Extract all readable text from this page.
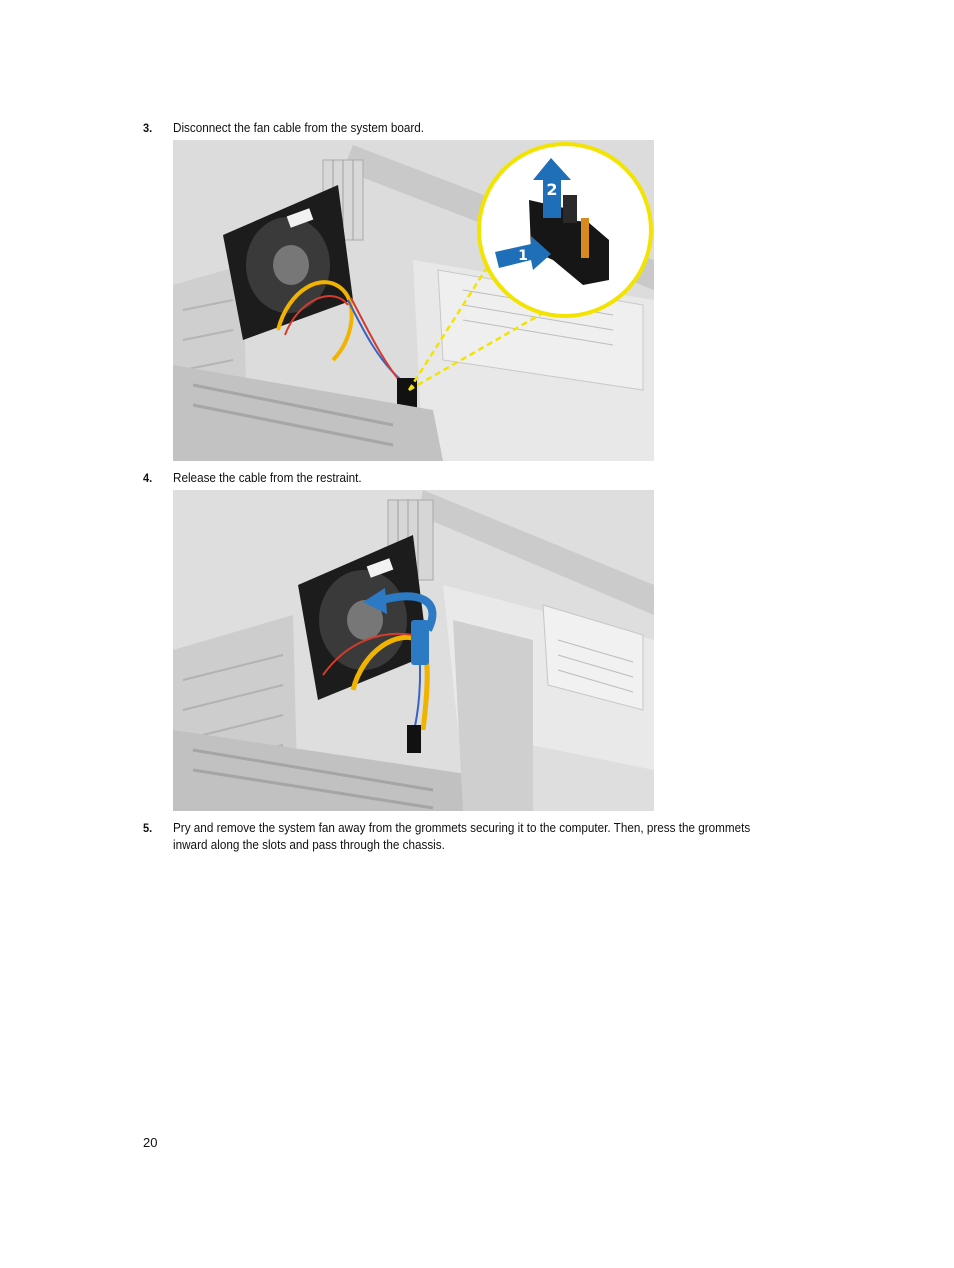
3. Disconnect the fan cable from the system board.
2
1
4. Release the cable from the restraint.
5. Pry and remove the system fan away from the grommets securing it to the computer. Then, press the grommets
inward along the slots and pass through the chassis.
20
